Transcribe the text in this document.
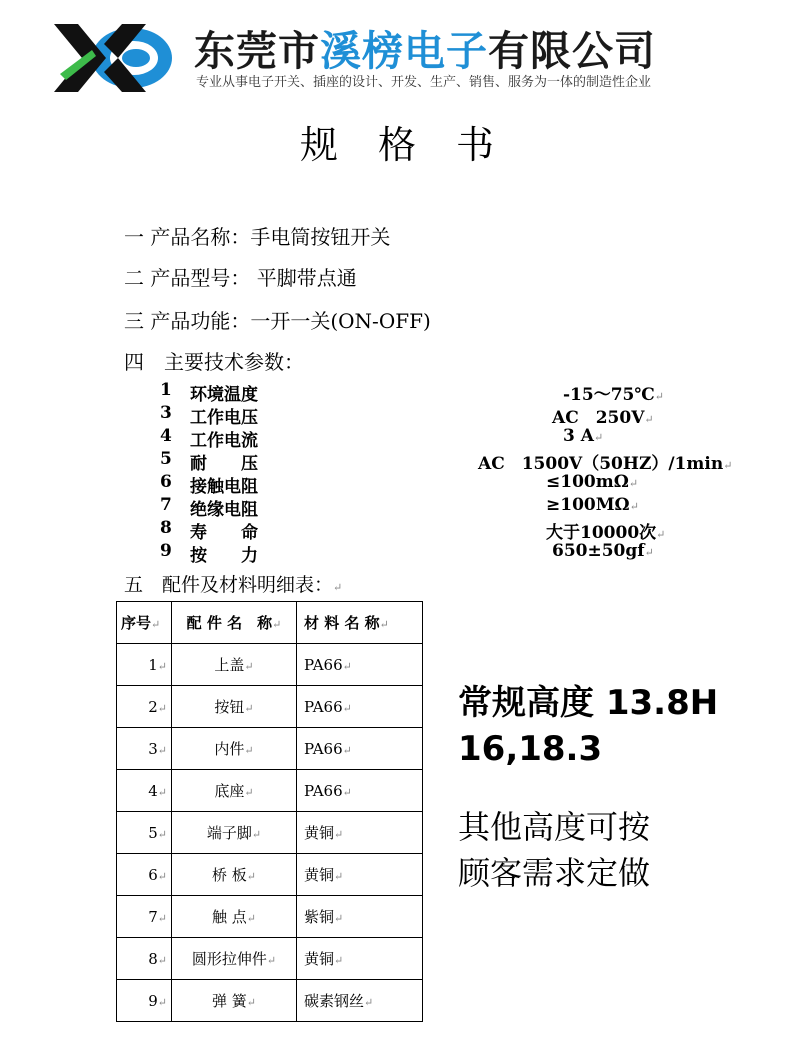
东莞市溪榜电子有限公司
专业从事电子开关、插座的设计、开发、生产、销售、服务为一体的制造性企业
规格书
一 产品名称：手电筒按钮开关
二 产品型号： 平脚带点通
三 产品功能：一开一关(ON-OFF)
四　主要技术参数：
1 环境温度	-15～75℃↵
3 工作电压	AC　250V↵
4 工作电流	3 A↵
5 耐　　压	AC　1500V（50HZ）/1min↵
6 接触电阻	≤100mΩ↵
7 绝缘电阻	≥100MΩ↵
8 寿　　命	大于10000次↵
9 按　　力	650±50gf↵
五　配件及材料明细表：↵
序号↵	配 件 名　称↵	材 料 名 称↵
1↵	上盖↵	PA66↵
2↵	按钮↵	PA66↵
3↵	内件↵	PA66↵
4↵	底座↵	PA66↵
5↵	端子脚↵	黄铜↵
6↵	桥 板↵	黄铜↵
7↵	触 点↵	紫铜↵
8↵	圆形拉伸件↵	黄铜↵
9↵	弹 簧↵	碳素钢丝↵
常规高度 13.8H
16,18.3
其他高度可按
顾客需求定做
